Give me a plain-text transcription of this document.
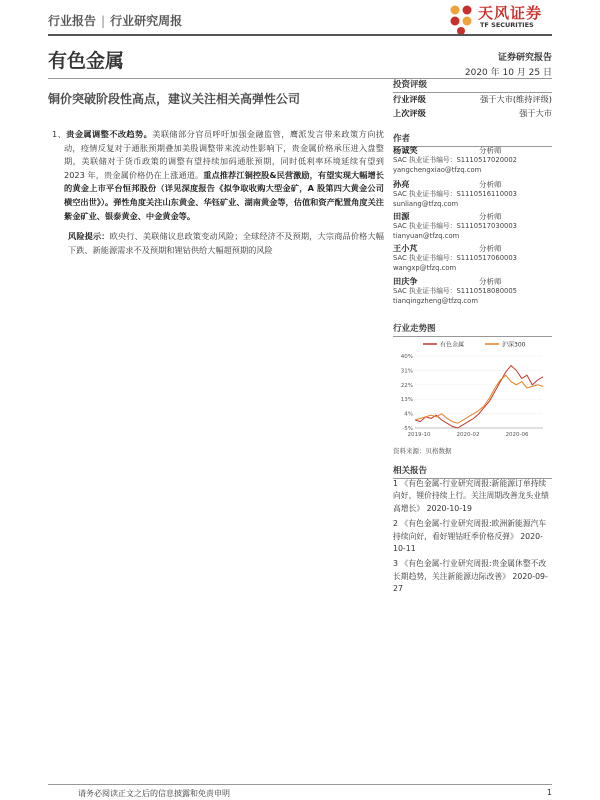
行业报告 | 行业研究周报	天风证券
TF SECURITIES
有色金属	证券研究报告
2020 年 10 月 25 日
铜价突破阶段性高点，建议关注相关高弹性公司
1、贵金属调整不改趋势。美联储部分官员呼吁加强金融监管，鹰派发言带来政策方向扰动，疫情反复对于通胀预期叠加美股调整带来流动性影响下，贵金属价格承压进入盘整期，美联储对于货币政策的调整有望持续加码通胀预期，同时低利率环境延续有望到 2023 年，贵金属价格仍在上涨通道。重点推荐江铜控股&民营激励，有望实现大幅增长的黄金上市平台恒邦股份（详见深度报告《拟争取收购大型金矿，A 股第四大黄金公司横空出世》）。弹性角度关注山东黄金、华钰矿业、湖南黄金等，估值和资产配置角度关注紫金矿业、银泰黄金、中金黄金等。
风险提示：欧央行、美联储议息政策变动风险；全球经济不及预期，大宗商品价格大幅下跌、新能源需求不及预期和锂钴供给大幅超预期的风险
投资评级
行业评级	强于大市(维持评级)
上次评级	强于大市
作者
杨诚笑	分析师
SAC 执业证书编号：S1110517020002
yangchengxiao@tfzq.com
孙亮	分析师
SAC 执业证书编号：S1110516110003
sunliang@tfzq.com
田源	分析师
SAC 执业证书编号：S1110517030003
tianyuan@tfzq.com
王小芃	分析师
SAC 执业证书编号：S1110517060003
wangxp@tfzq.com
田庆争	分析师
SAC 执业证书编号：S1110518080005
tianqingzheng@tfzq.com
行业走势图
有色金属	沪深300
40%
31%
22%
13%
4%
-5%
2019-10	2020-02	2020-06
资料来源：贝格数据
相关报告
1 《有色金属-行业研究周报:新能源订单持续向好，锂价持续上行。关注周期改善龙头业绩高增长》 2020-10-19
2 《有色金属-行业研究周报:欧洲新能源汽车持续向好，看好锂钴旺季价格反弹》 2020-10-11
3 《有色金属-行业研究周报:贵金属休整不改长期趋势，关注新能源边际改善》 2020-09-27
请务必阅读正文之后的信息披露和免责申明	1
